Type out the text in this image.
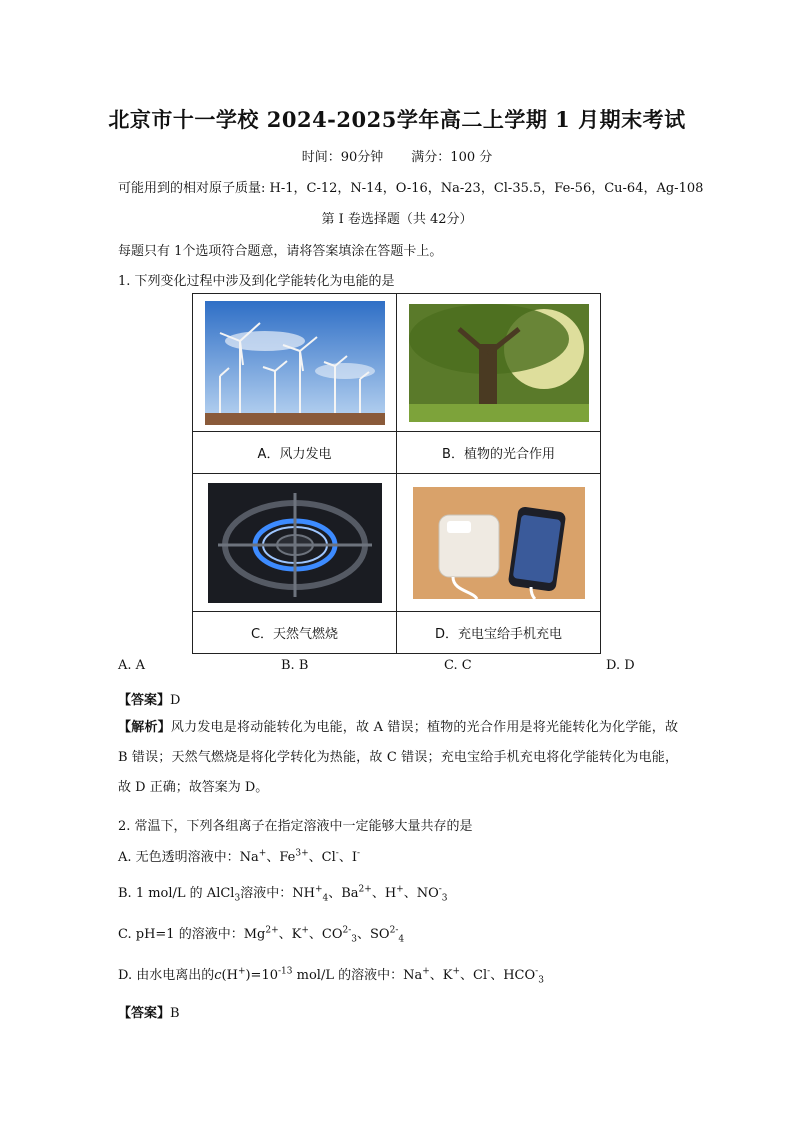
北京市十一学校 2024-2025学年高二上学期 1 月期末考试
时间：90分钟 满分：100 分
可能用到的相对原子质量: H-1，C-12，N-14，O-16，Na-23，Cl-35.5，Fe-56，Cu-64，Ag-108
第 I 卷选择题（共 42分）
每题只有 1个选项符合题意，请将答案填涂在答题卡上。
1. 下列变化过程中涉及到化学能转化为电能的是

A．风力发电	B．植物的光合作用

C．天然气燃烧	D．充电宝给手机充电
A. A	B. B	C. C	D. D
【答案】D
【解析】风力发电是将动能转化为电能，故 A 错误；植物的光合作用是将光能转化为化学能，故 B 错误；天然气燃烧是将化学转化为热能，故 C 错误；充电宝给手机充电将化学能转化为电能，故 D 正确；故答案为 D。
2. 常温下，下列各组离子在指定溶液中一定能够大量共存的是
A. 无色透明溶液中：Na+、$Fe^{3+}$、Cl-、I-
B. 1 mol/L 的 AlCl$_3$溶液中：$NH^+_4$、$Ba^{2+}$、H+、$NO^-_3$
C. pH=1 的溶液中：$Mg^{2+}$、K+、$CO^{2-}_3$、$SO^{2-}_4$
D. 由水电离出的$c(H^+)=10^{-13}$ mol/L 的溶液中：Na+、K+、Cl-、$HCO^-_3$
【答案】B
